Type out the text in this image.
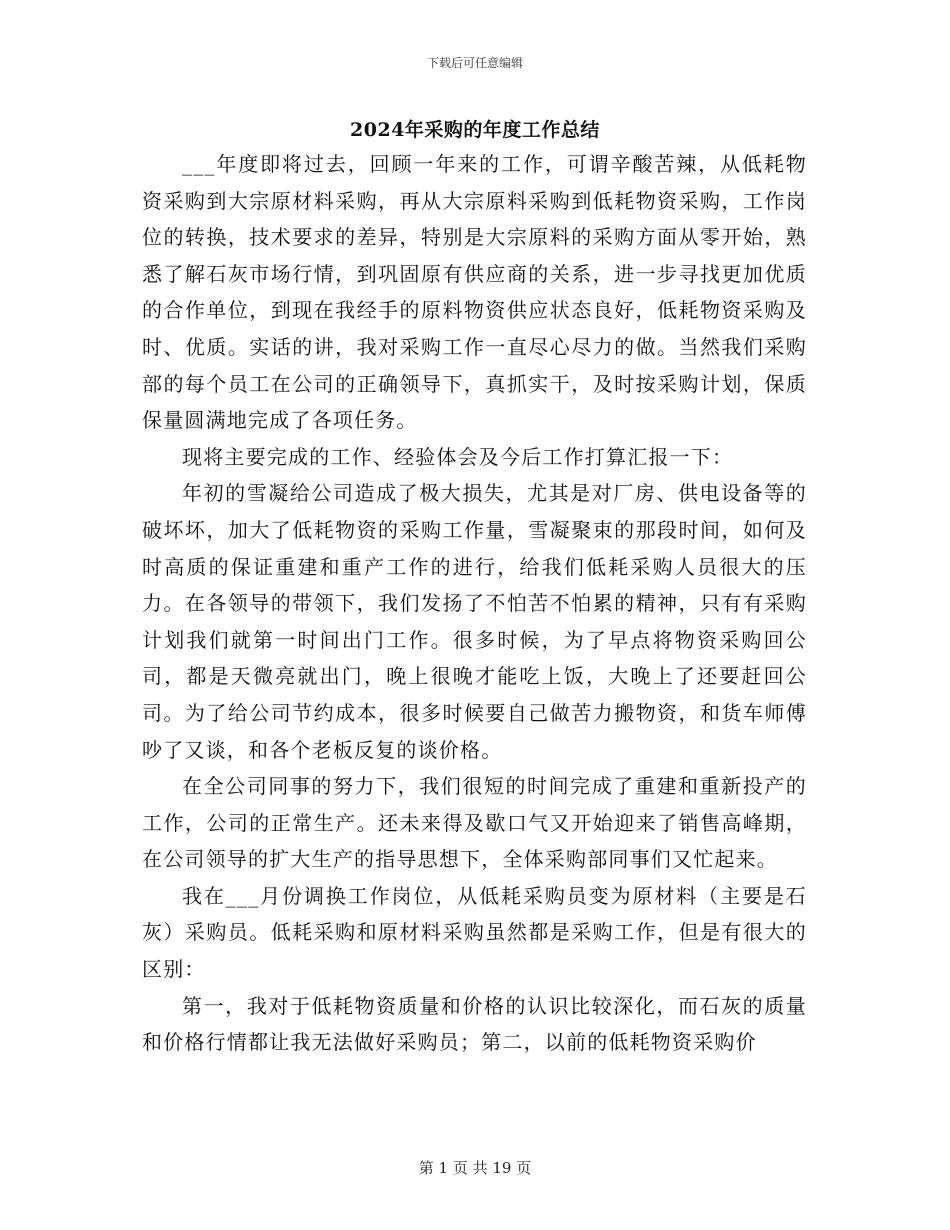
下载后可任意编辑
2024年采购的年度工作总结

___年度即将过去，回顾一年来的工作，可谓辛酸苦辣，从低耗物资采购到大宗原材料采购，再从大宗原料采购到低耗物资采购，工作岗位的转换，技术要求的差异，特别是大宗原料的采购方面从零开始，熟悉了解石灰市场行情，到巩固原有供应商的关系，进一步寻找更加优质的合作单位，到现在我经手的原料物资供应状态良好，低耗物资采购及时、优质。实话的讲，我对采购工作一直尽心尽力的做。当然我们采购部的每个员工在公司的正确领导下，真抓实干，及时按采购计划，保质保量圆满地完成了各项任务。

现将主要完成的工作、经验体会及今后工作打算汇报一下：

年初的雪凝给公司造成了极大损失，尤其是对厂房、供电设备等的破坏坏，加大了低耗物资的采购工作量，雪凝聚束的那段时间，如何及时高质的保证重建和重产工作的进行，给我们低耗采购人员很大的压力。在各领导的带领下，我们发扬了不怕苦不怕累的精神，只有有采购计划我们就第一时间出门工作。很多时候，为了早点将物资采购回公司，都是天微亮就出门，晚上很晚才能吃上饭，大晚上了还要赶回公司。为了给公司节约成本，很多时候要自己做苦力搬物资，和货车师傅吵了又谈，和各个老板反复的谈价格。

在全公司同事的努力下，我们很短的时间完成了重建和重新投产的工作，公司的正常生产。还未来得及歇口气又开始迎来了销售高峰期，在公司领导的扩大生产的指导思想下，全体采购部同事们又忙起来。

我在___月份调换工作岗位，从低耗采购员变为原材料（主要是石灰）采购员。低耗采购和原材料采购虽然都是采购工作，但是有很大的区别：

第一，我对于低耗物资质量和价格的认识比较深化，而石灰的质量和价格行情都让我无法做好采购员；第二，以前的低耗物资采购价

第 1 页 共 19 页
